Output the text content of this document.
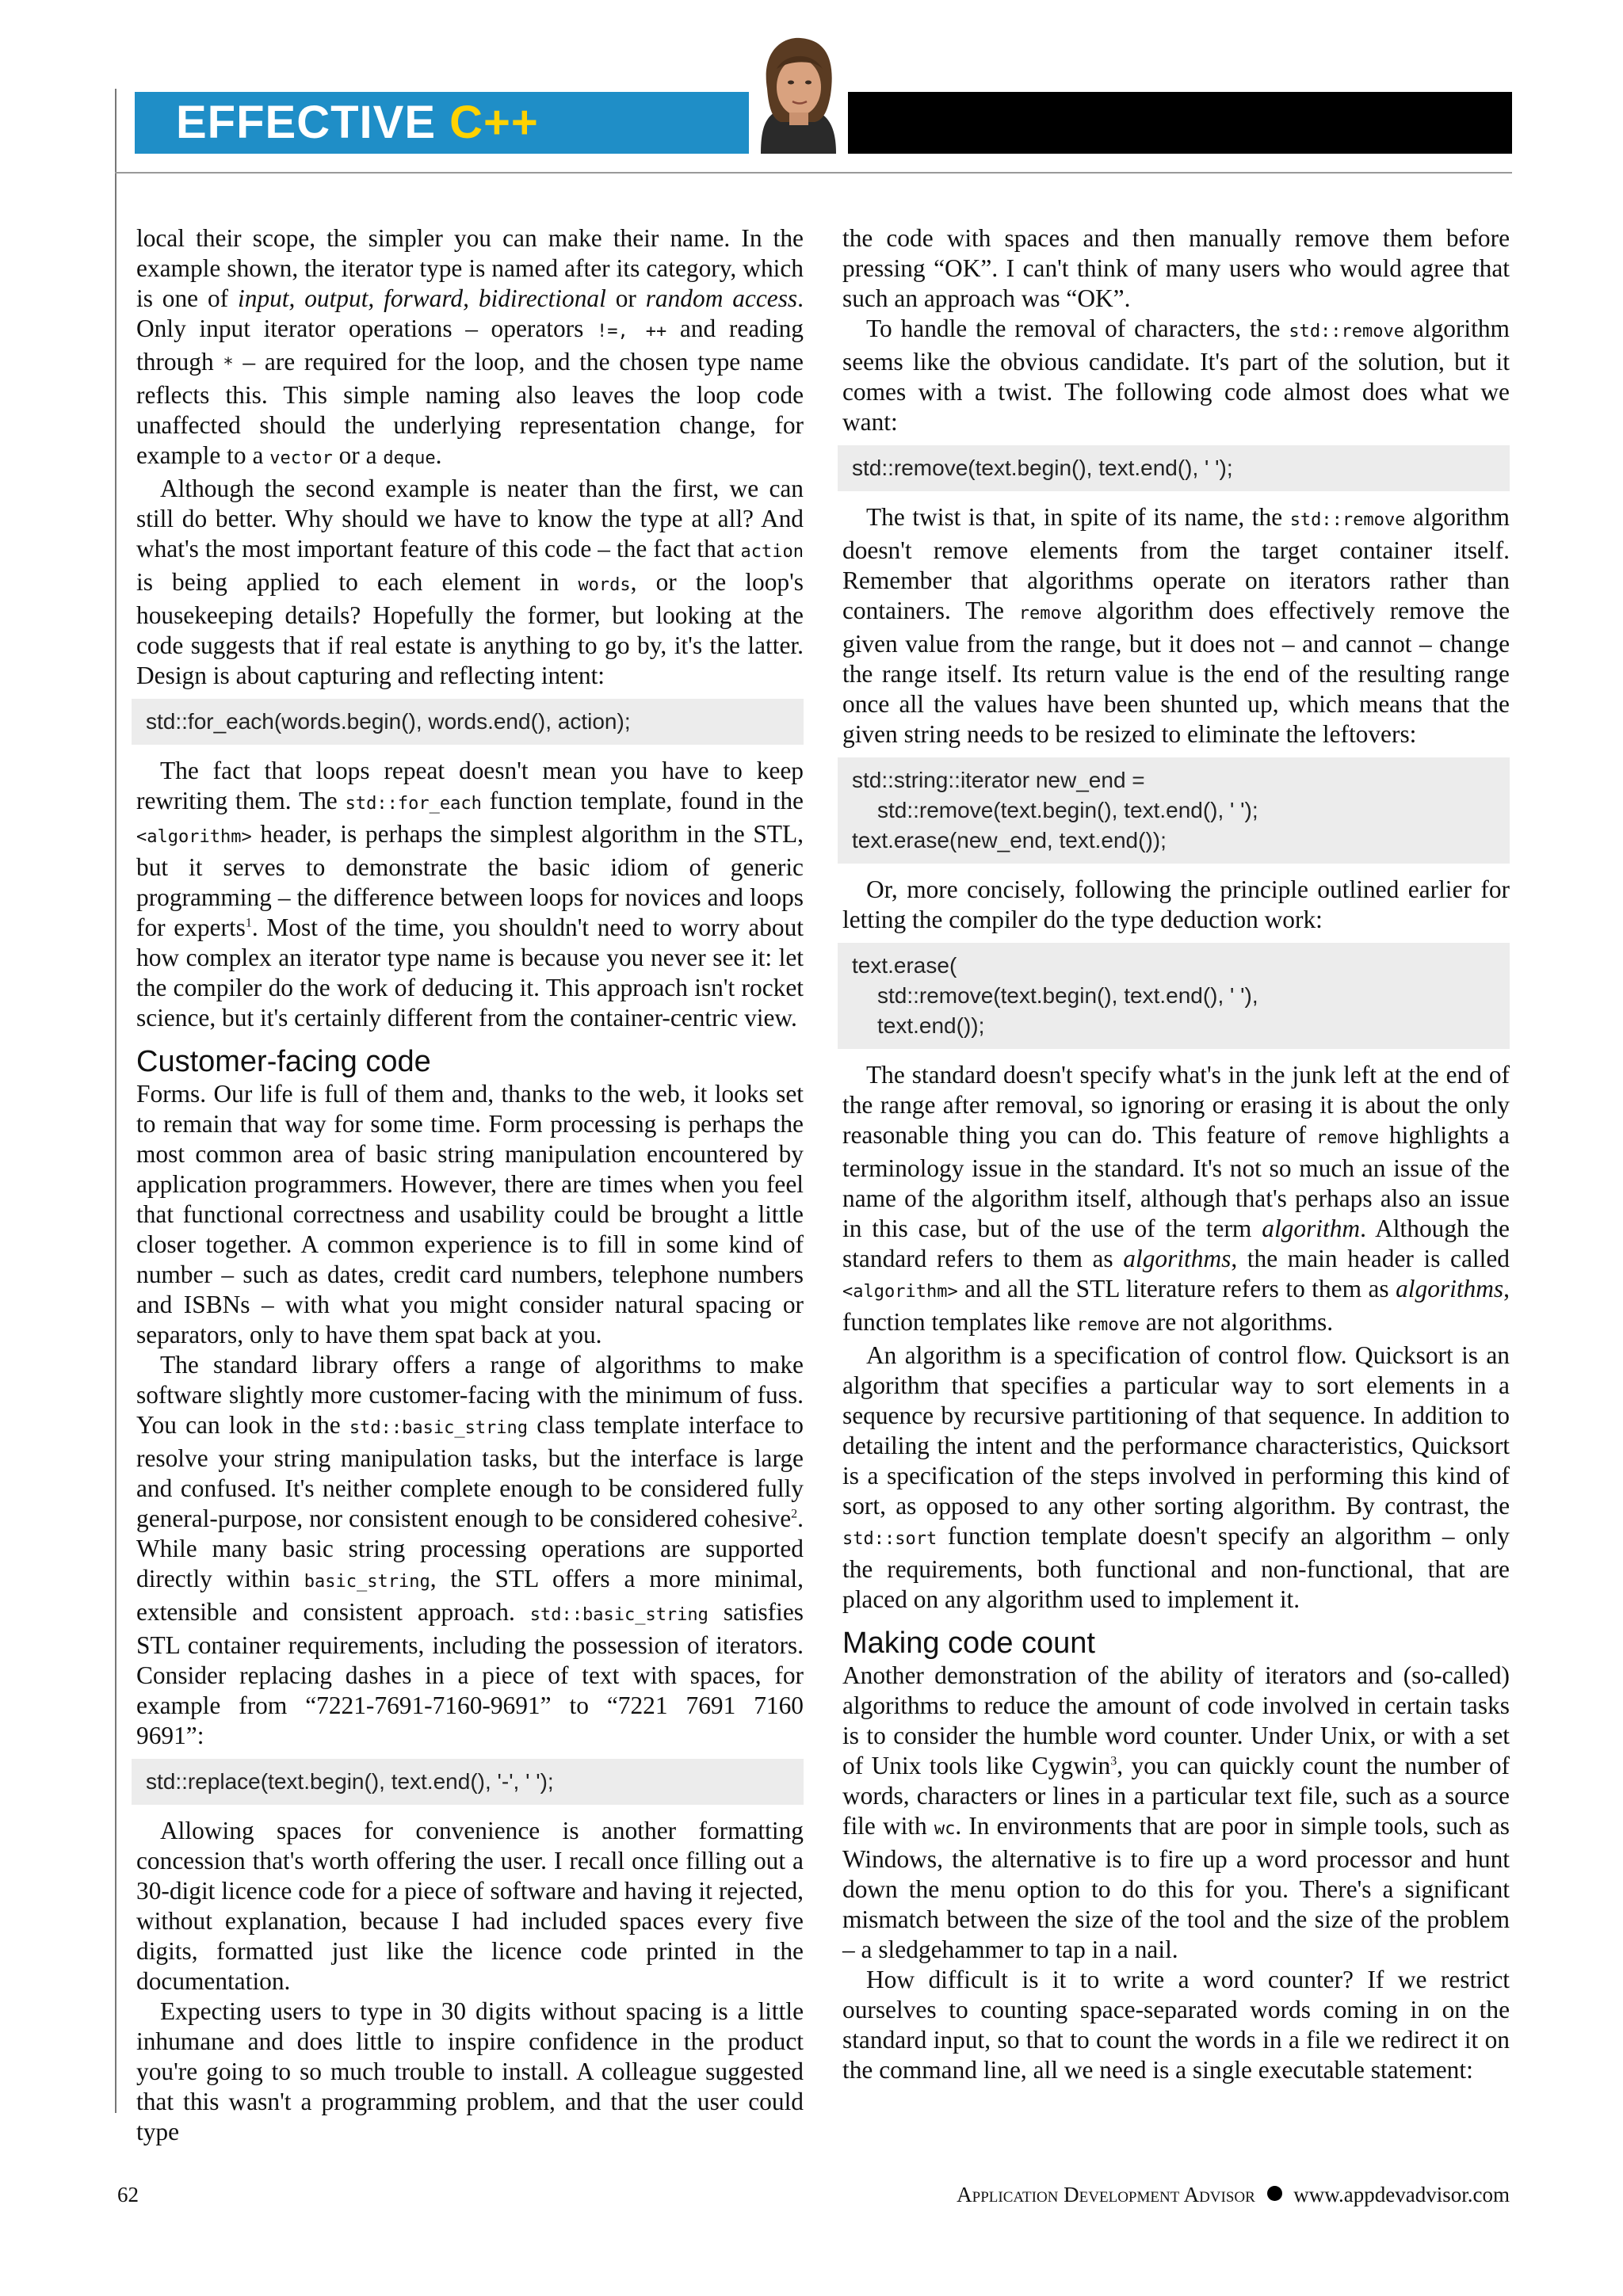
EFFECTIVE C++

local their scope, the simpler you can make their name. In the example shown, the iterator type is named after its category, which is one of input, output, forward, bidirectional or random access. Only input iterator operations – operators !=, ++ and reading through * – are required for the loop, and the chosen type name reflects this. This simple naming also leaves the loop code unaffected should the underlying representation change, for example to a vector or a deque.

Although the second example is neater than the first, we can still do better. Why should we have to know the type at all? And what's the most important feature of this code – the fact that action is being applied to each element in words, or the loop's housekeeping details? Hopefully the former, but looking at the code suggests that if real estate is anything to go by, it's the latter. Design is about capturing and reflecting intent:

std::for_each(words.begin(), words.end(), action);

The fact that loops repeat doesn't mean you have to keep rewriting them. The std::for_each function template, found in the <algorithm> header, is perhaps the simplest algorithm in the STL, but it serves to demonstrate the basic idiom of generic programming – the difference between loops for novices and loops for experts$^1$. Most of the time, you shouldn't need to worry about how complex an iterator type name is because you never see it: let the compiler do the work of deducing it. This approach isn't rocket science, but it's certainly different from the container-centric view.

Customer-facing code

Forms. Our life is full of them and, thanks to the web, it looks set to remain that way for some time. Form processing is perhaps the most common area of basic string manipulation encountered by application programmers. However, there are times when you feel that functional correctness and usability could be brought a little closer together. A common experience is to fill in some kind of number – such as dates, credit card numbers, telephone numbers and ISBNs – with what you might consider natural spacing or separators, only to have them spat back at you.

The standard library offers a range of algorithms to make software slightly more customer-facing with the minimum of fuss. You can look in the std::basic_string class template interface to resolve your string manipulation tasks, but the interface is large and confused. It's neither complete enough to be considered fully general-purpose, nor consistent enough to be considered cohesive$^2$. While many basic string processing operations are supported directly within basic_string, the STL offers a more minimal, extensible and consistent approach. std::basic_string satisfies STL container requirements, including the possession of iterators. Consider replacing dashes in a piece of text with spaces, for example from “7221-7691-7160-9691” to “7221 7691 7160 9691”:

std::replace(text.begin(), text.end(), '-', ' ');

Allowing spaces for convenience is another formatting concession that's worth offering the user. I recall once filling out a 30-digit licence code for a piece of software and having it rejected, without explanation, because I had included spaces every five digits, formatted just like the licence code printed in the documentation.

Expecting users to type in 30 digits without spacing is a little inhumane and does little to inspire confidence in the product you're going to so much trouble to install. A colleague suggested that this wasn't a programming problem, and that the user could type

the code with spaces and then manually remove them before pressing “OK”. I can't think of many users who would agree that such an approach was “OK”.

To handle the removal of characters, the std::remove algorithm seems like the obvious candidate. It's part of the solution, but it comes with a twist. The following code almost does what we want:

std::remove(text.begin(), text.end(), ' ');

The twist is that, in spite of its name, the std::remove algorithm doesn't remove elements from the target container itself. Remember that algorithms operate on iterators rather than containers. The remove algorithm does effectively remove the given value from the range, but it does not – and cannot – change the range itself. Its return value is the end of the resulting range once all the values have been shunted up, which means that the given string needs to be resized to eliminate the leftovers:

std::string::iterator new_end =
std::remove(text.begin(), text.end(), ' ');
text.erase(new_end, text.end());

Or, more concisely, following the principle outlined earlier for letting the compiler do the type deduction work:

text.erase(
std::remove(text.begin(), text.end(), ' '),
text.end());

The standard doesn't specify what's in the junk left at the end of the range after removal, so ignoring or erasing it is about the only reasonable thing you can do. This feature of remove highlights a terminology issue in the standard. It's not so much an issue of the name of the algorithm itself, although that's perhaps also an issue in this case, but of the use of the term algorithm. Although the standard refers to them as algorithms, the main header is called <algorithm> and all the STL literature refers to them as algorithms, function templates like remove are not algorithms.

An algorithm is a specification of control flow. Quicksort is an algorithm that specifies a particular way to sort elements in a sequence by recursive partitioning of that sequence. In addition to detailing the intent and the performance characteristics, Quicksort is a specification of the steps involved in performing this kind of sort, as opposed to any other sorting algorithm. By contrast, the std::sort function template doesn't specify an algorithm – only the requirements, both functional and non-functional, that are placed on any algorithm used to implement it.

Making code count

Another demonstration of the ability of iterators and (so-called) algorithms to reduce the amount of code involved in certain tasks is to consider the humble word counter. Under Unix, or with a set of Unix tools like Cygwin$^3$, you can quickly count the number of words, characters or lines in a particular text file, such as a source file with wc. In environments that are poor in simple tools, such as Windows, the alternative is to fire up a word processor and hunt down the menu option to do this for you. There's a significant mismatch between the size of the tool and the size of the problem – a sledgehammer to tap in a nail.

How difficult is it to write a word counter? If we restrict ourselves to counting space-separated words coming in on the standard input, so that to count the words in a file we redirect it on the command line, all we need is a single executable statement:

62	Application Development Advisor www.appdevadvisor.com
